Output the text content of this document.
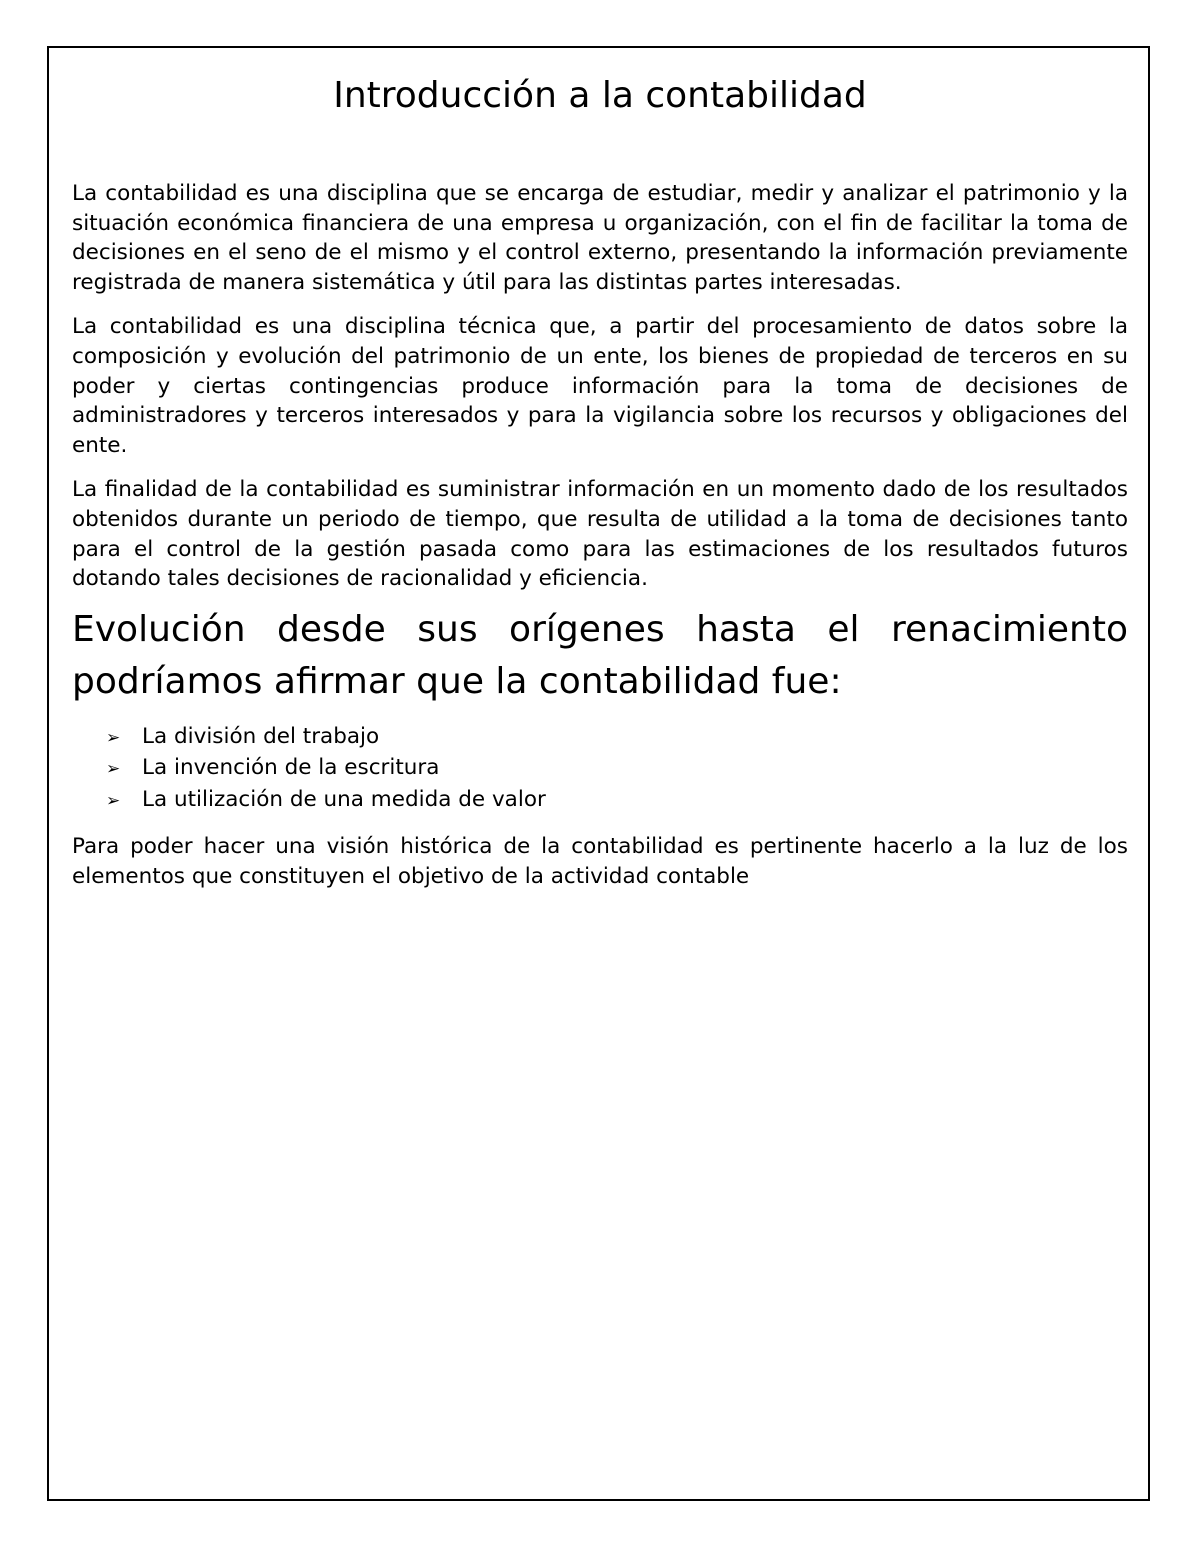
Introducción a la contabilidad

La contabilidad es una disciplina que se encarga de estudiar, medir y analizar el patrimonio y la situación económica financiera de una empresa u organización, con el fin de facilitar la toma de decisiones en el seno de el mismo y el control externo, presentando la información previamente registrada de manera sistemática y útil para las distintas partes interesadas.

La contabilidad es una disciplina técnica que, a partir del procesamiento de datos sobre la composición y evolución del patrimonio de un ente, los bienes de propiedad de terceros en su poder y ciertas contingencias produce información para la toma de decisiones de administradores y terceros interesados y para la vigilancia sobre los recursos y obligaciones del ente.

La finalidad de la contabilidad es suministrar información en un momento dado de los resultados obtenidos durante un periodo de tiempo, que resulta de utilidad a la toma de decisiones tanto para el control de la gestión pasada como para las estimaciones de los resultados futuros dotando tales decisiones de racionalidad y eficiencia.

Evolución desde sus orígenes hasta el renacimiento podríamos afirmar que la contabilidad fue:
➢	La división del trabajo
➢	La invención de la escritura
➢	La utilización de una medida de valor

Para poder hacer una visión histórica de la contabilidad es pertinente hacerlo a la luz de los elementos que constituyen el objetivo de la actividad contable
